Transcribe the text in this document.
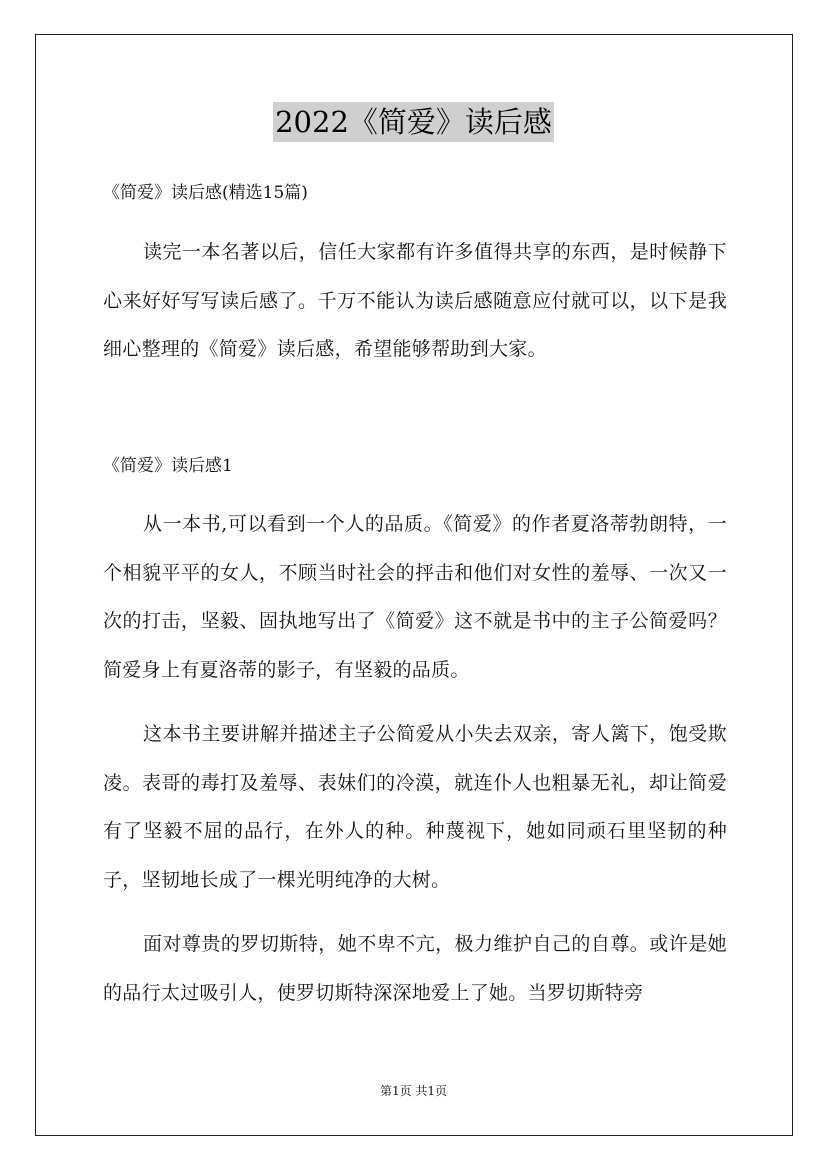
2022《简爱》读后感
《简爱》读后感(精选15篇)

读完一本名著以后，信任大家都有许多值得共享的东西，是时候静下心来好好写写读后感了。千万不能认为读后感随意应付就可以，以下是我细心整理的《简爱》读后感，希望能够帮助到大家。

《简爱》读后感1

从一本书,可以看到一个人的品质。《简爱》的作者夏洛蒂勃朗特，一个相貌平平的女人，不顾当时社会的抨击和他们对女性的羞辱、一次又一次的打击，坚毅、固执地写出了《简爱》这不就是书中的主子公简爱吗？简爱身上有夏洛蒂的影子，有坚毅的品质。

这本书主要讲解并描述主子公简爱从小失去双亲，寄人篱下，饱受欺凌。表哥的毒打及羞辱、表妹们的冷漠，就连仆人也粗暴无礼，却让简爱有了坚毅不屈的品行，在外人的种。种蔑视下，她如同顽石里坚韧的种子，坚韧地长成了一棵光明纯净的大树。

面对尊贵的罗切斯特，她不卑不亢，极力维护自己的自尊。或许是她的品行太过吸引人，使罗切斯特深深地爱上了她。当罗切斯特旁

第1页 共1页
